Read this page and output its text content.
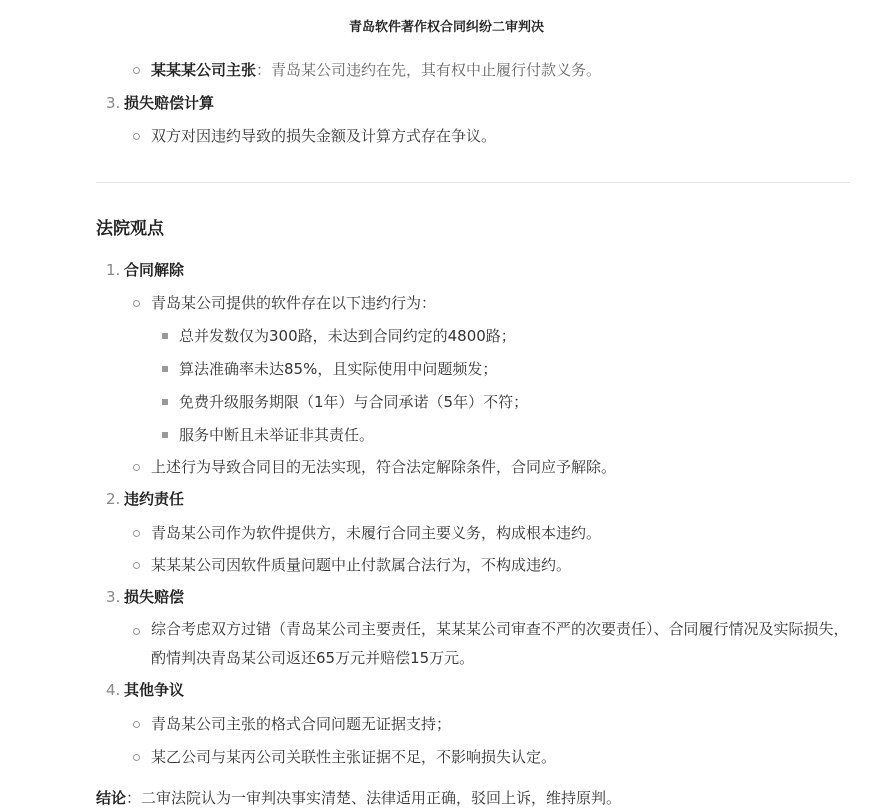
青岛软件著作权合同纠纷二审判决
某某某公司主张：青岛某公司违约在先，其有权中止履行付款义务。
3. 损失赔偿计算
双方对因违约导致的损失金额及计算方式存在争议。
法院观点
1. 合同解除
青岛某公司提供的软件存在以下违约行为：
总并发数仅为300路，未达到合同约定的4800路；
算法准确率未达85%，且实际使用中问题频发；
免费升级服务期限（1年）与合同承诺（5年）不符；
服务中断且未举证非其责任。
上述行为导致合同目的无法实现，符合法定解除条件，合同应予解除。
2. 违约责任
青岛某公司作为软件提供方，未履行合同主要义务，构成根本违约。
某某某公司因软件质量问题中止付款属合法行为，不构成违约。
3. 损失赔偿
综合考虑双方过错（青岛某公司主要责任，某某某公司审查不严的次要责任）、合同履行情况及实际损失，酌情判决青岛某公司返还65万元并赔偿15万元。
4. 其他争议
青岛某公司主张的格式合同问题无证据支持；
某乙公司与某丙公司关联性主张证据不足，不影响损失认定。
结论：二审法院认为一审判决事实清楚、法律适用正确，驳回上诉，维持原判。
